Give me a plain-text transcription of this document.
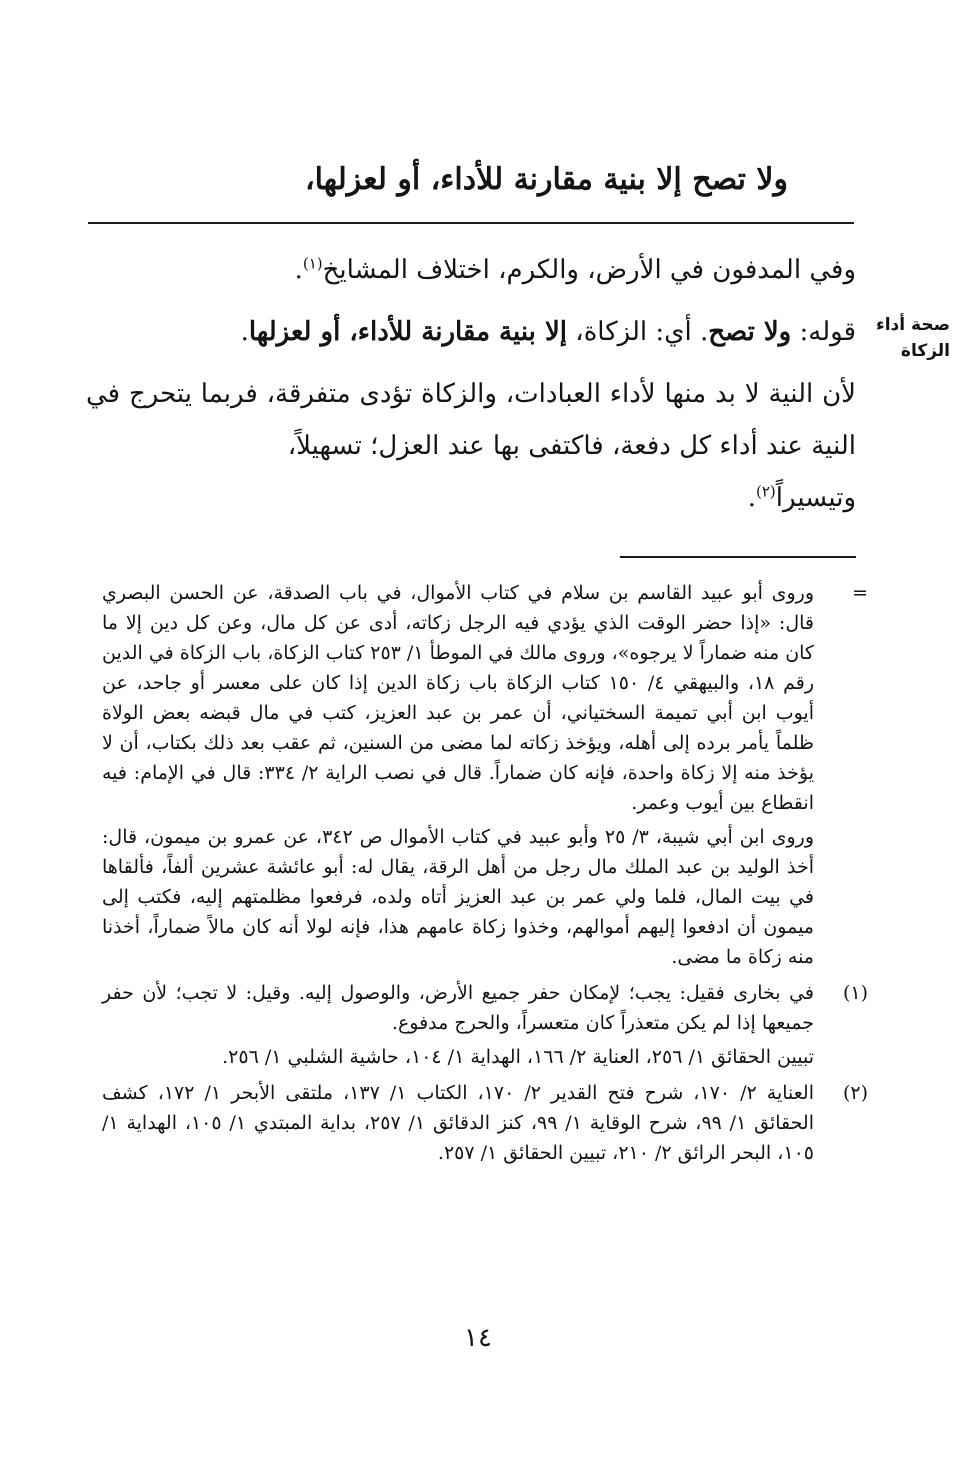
ولا تصح إلا بنية مقارنة للأداء، أو لعزلها،
صحة أداء
الزكاة

وفي المدفون في الأرض، والكرم، اختلاف المشايخ$^{(١)}$.

قوله: ولا تصح. أي: الزكاة، إلا بنية مقارنة للأداء، أو لعزلها.

لأن النية لا بد منها لأداء العبادات، والزكاة تؤدى متفرقة، فربما يتحرج في النية عند أداء كل دفعة، فاكتفى بها عند العزل؛ تسهيلاً،
وتيسيراً$^{(٢)}$.

=

وروى أبو عبيد القاسم بن سلام في كتاب الأموال، في باب الصدقة، عن الحسن البصري قال: «إذا حضر الوقت الذي يؤدي فيه الرجل زكاته، أدى عن كل مال، وعن كل دين إلا ما كان منه ضماراً لا يرجوه»، وروى مالك في الموطأ ١/ ٢٥٣ كتاب الزكاة، باب الزكاة في الدين رقم ١٨، والبيهقي ٤/ ١٥٠ كتاب الزكاة باب زكاة الدين إذا كان على معسر أو جاحد، عن أيوب ابن أبي تميمة السختياني، أن عمر بن عبد العزيز، كتب في مال قبضه بعض الولاة ظلماً يأمر برده إلى أهله، ويؤخذ زكاته لما مضى من السنين، ثم عقب بعد ذلك بكتاب، أن لا يؤخذ منه إلا زكاة واحدة، فإنه كان ضماراً. قال في نصب الراية ٢/ ٣٣٤: قال في الإمام: فيه انقطاع بين أيوب وعمر.

وروى ابن أبي شيبة، ٣/ ٢٥ وأبو عبيد في كتاب الأموال ص ٣٤٢، عن عمرو بن ميمون، قال: أخذ الوليد بن عبد الملك مال رجل من أهل الرقة، يقال له: أبو عائشة عشرين ألفاً، فألقاها في بيت المال، فلما ولي عمر بن عبد العزيز أتاه ولده، فرفعوا مظلمتهم إليه، فكتب إلى ميمون أن ادفعوا إليهم أموالهم، وخذوا زكاة عامهم هذا، فإنه لولا أنه كان مالاً ضماراً، أخذنا منه زكاة ما مضى.

(١)

في بخارى فقيل: يجب؛ لإمكان حفر جميع الأرض، والوصول إليه. وقيل: لا تجب؛ لأن حفر جميعها إذا لم يكن متعذراً كان متعسراً، والحرج مدفوع.

تبيين الحقائق ١/ ٢٥٦، العناية ٢/ ١٦٦، الهداية ١/ ١٠٤، حاشية الشلبي ١/ ٢٥٦.

(٢)

العناية ٢/ ١٧٠، شرح فتح القدير ٢/ ١٧٠، الكتاب ١/ ١٣٧، ملتقى الأبحر ١/ ١٧٢، كشف الحقائق ١/ ٩٩، شرح الوقاية ١/ ٩٩، كنز الدقائق ١/ ٢٥٧، بداية المبتدي ١/ ١٠٥، الهداية ١/ ١٠٥، البحر الرائق ٢/ ٢١٠، تبيين الحقائق ١/ ٢٥٧.

١٤
